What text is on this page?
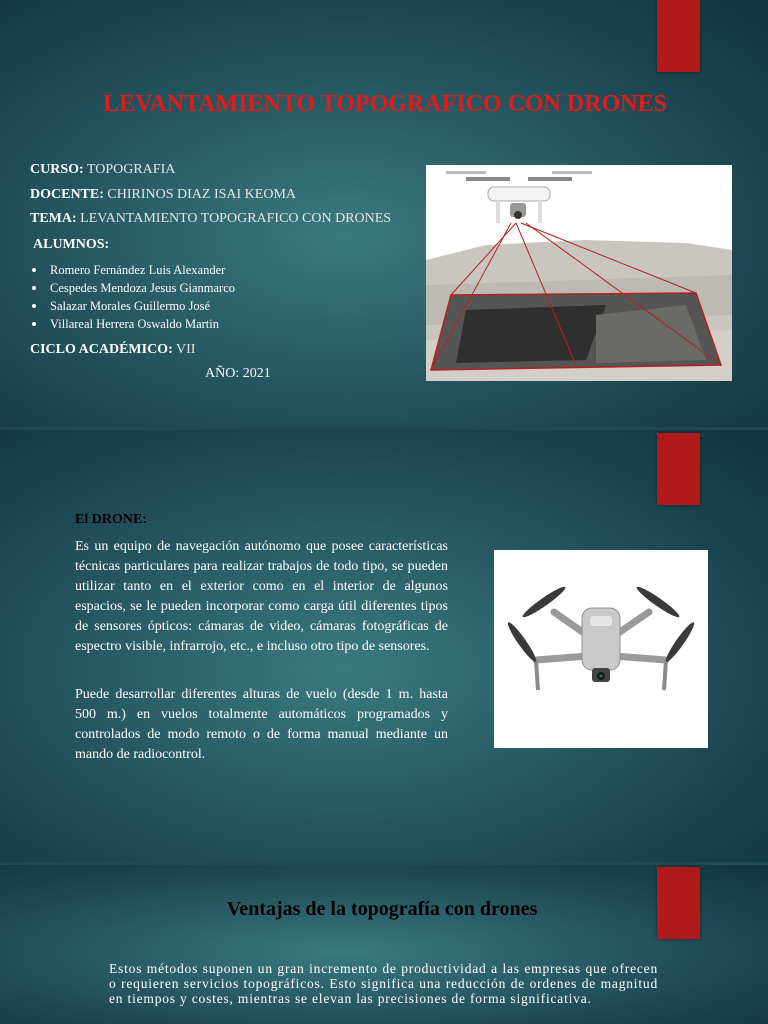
LEVANTAMIENTO TOPOGRAFICO CON DRONES
CURSO: TOPOGRAFIA
DOCENTE: CHIRINOS DIAZ ISAI KEOMA
TEMA: LEVANTAMIENTO TOPOGRAFICO CON DRONES
ALUMNOS:
Romero Fernández Luis Alexander
Cespedes Mendoza Jesus Gianmarco
Salazar Morales Guillermo José
Villareal Herrera Oswaldo Martin
CICLO ACADÉMICO: VII
AÑO: 2021
El DRONE:

Es un equipo de navegación autónomo que posee características técnicas particulares para realizar trabajos de todo tipo, se pueden utilizar tanto en el exterior como en el interior de algunos espacios, se le pueden incorporar como carga útil diferentes tipos de sensores ópticos: cámaras de video, cámaras fotográficas de espectro visible, infrarrojo, etc., e incluso otro tipo de sensores.

Puede desarrollar diferentes alturas de vuelo (desde 1 m. hasta 500 m.) en vuelos totalmente automáticos programados y controlados de modo remoto o de forma manual mediante un mando de radiocontrol.

Ventajas de la topografía con drones

Estos métodos suponen un gran incremento de productividad a las empresas que ofrecen o requieren servicios topográficos. Esto significa una reducción de ordenes de magnitud en tiempos y costes, mientras se elevan las precisiones de forma significativa.
